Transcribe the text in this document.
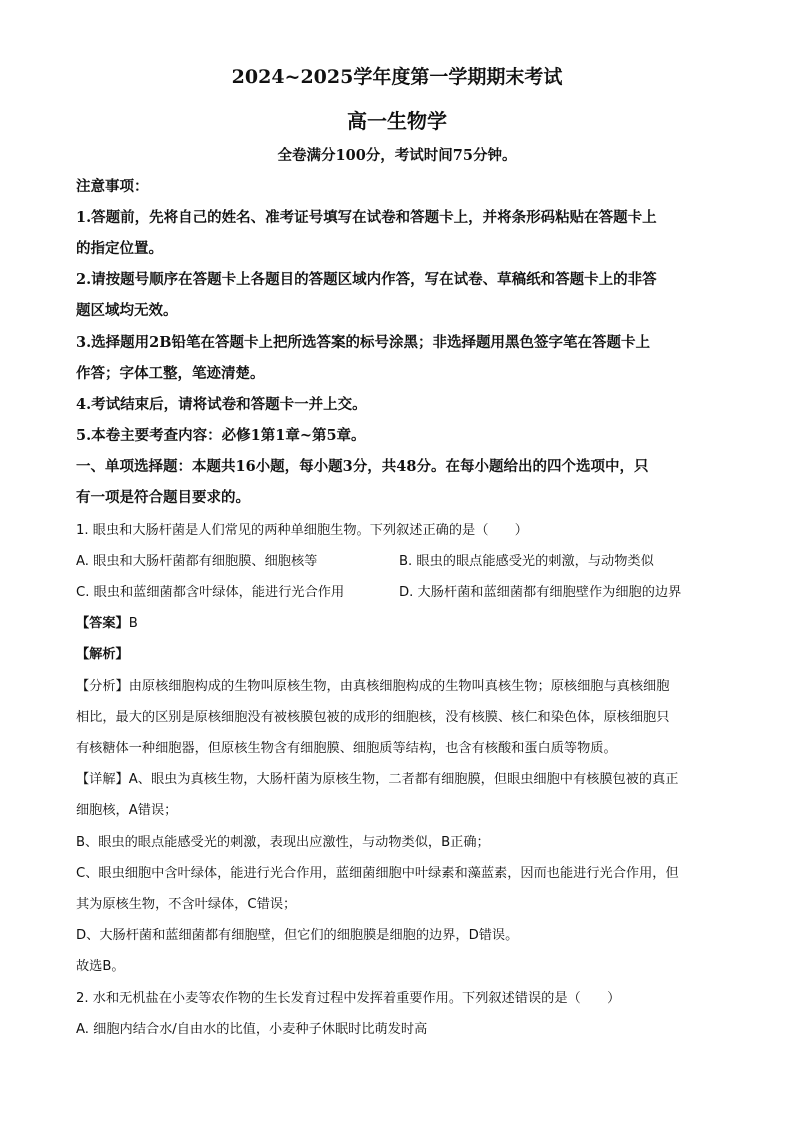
2024~2025学年度第一学期期末考试
高一生物学
全卷满分100分，考试时间75分钟。
注意事项：
1.答题前，先将自己的姓名、准考证号填写在试卷和答题卡上，并将条形码粘贴在答题卡上
的指定位置。
2.请按题号顺序在答题卡上各题目的答题区域内作答，写在试卷、草稿纸和答题卡上的非答
题区域均无效。
3.选择题用2B铅笔在答题卡上把所选答案的标号涂黑；非选择题用黑色签字笔在答题卡上
作答；字体工整，笔迹清楚。
4.考试结束后，请将试卷和答题卡一并上交。
5.本卷主要考查内容：必修1第1章~第5章。
一、单项选择题：本题共16小题，每小题3分，共48分。在每小题给出的四个选项中，只
有一项是符合题目要求的。
1. 眼虫和大肠杆菌是人们常见的两种单细胞生物。下列叙述正确的是（　　）
A. 眼虫和大肠杆菌都有细胞膜、细胞核等	B. 眼虫的眼点能感受光的刺激，与动物类似
C. 眼虫和蓝细菌都含叶绿体，能进行光合作用	D. 大肠杆菌和蓝细菌都有细胞壁作为细胞的边界
【答案】B
【解析】
【分析】由原核细胞构成的生物叫原核生物，由真核细胞构成的生物叫真核生物；原核细胞与真核细胞
相比，最大的区别是原核细胞没有被核膜包被的成形的细胞核，没有核膜、核仁和染色体，原核细胞只
有核糖体一种细胞器，但原核生物含有细胞膜、细胞质等结构，也含有核酸和蛋白质等物质。
【详解】A、眼虫为真核生物，大肠杆菌为原核生物，二者都有细胞膜，但眼虫细胞中有核膜包被的真正
细胞核，A错误；
B、眼虫的眼点能感受光的刺激，表现出应激性，与动物类似，B正确；
C、眼虫细胞中含叶绿体，能进行光合作用，蓝细菌细胞中叶绿素和藻蓝素，因而也能进行光合作用，但
其为原核生物，不含叶绿体，C错误；
D、大肠杆菌和蓝细菌都有细胞壁，但它们的细胞膜是细胞的边界，D错误。
故选B。
2. 水和无机盐在小麦等农作物的生长发育过程中发挥着重要作用。下列叙述错误的是（　　）
A. 细胞内结合水/自由水的比值，小麦种子休眠时比萌发时高
